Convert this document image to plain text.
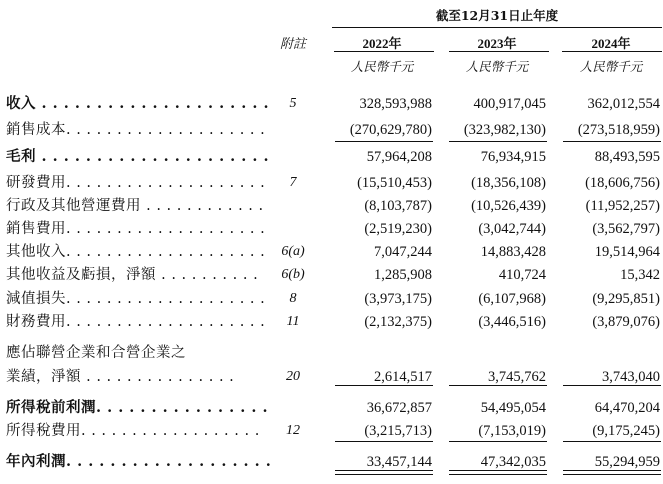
截至12月31日止年度
附註	2022年	2023年	2024年
人民幣千元	人民幣千元	人民幣千元
收入 . . . . . . . . . . . . . . . . . . . . .	5	328,593,988	400,917,045	362,012,554
銷售成本. . . . . . . . . . . . . . . . . . . .	(270,629,780)	(323,982,130)	(273,518,959)
毛利 . . . . . . . . . . . . . . . . . . . . .	57,964,208	76,934,915	88,493,595
研發費用. . . . . . . . . . . . . . . . . . . .	7	(15,510,453)	(18,356,108)	(18,606,756)
行政及其他營運費用 . . . . . . . . . . . .	(8,103,787)	(10,526,439)	(11,952,257)
銷售費用. . . . . . . . . . . . . . . . . . . .	(2,519,230)	(3,042,744)	(3,562,797)
其他收入. . . . . . . . . . . . . . . . . . . .	6(a)	7,047,244	14,883,428	19,514,964
其他收益及虧損，淨額 . . . . . . . . . .	6(b)	1,285,908	410,724	15,342
減值損失. . . . . . . . . . . . . . . . . . . .	8	(3,973,175)	(6,107,968)	(9,295,851)
財務費用. . . . . . . . . . . . . . . . . . . .	11	(2,132,375)	(3,446,516)	(3,879,076)
應佔聯營企業和合營企業之
業績，淨額 . . . . . . . . . . . . . . .	20	2,614,517	3,745,762	3,743,040
所得稅前利潤. . . . . . . . . . . . . . . .	36,672,857	54,495,054	64,470,204
所得稅費用. . . . . . . . . . . . . . . . . .	12	(3,215,713)	(7,153,019)	(9,175,245)
年內利潤. . . . . . . . . . . . . . . . . . .	33,457,144	47,342,035	55,294,959
